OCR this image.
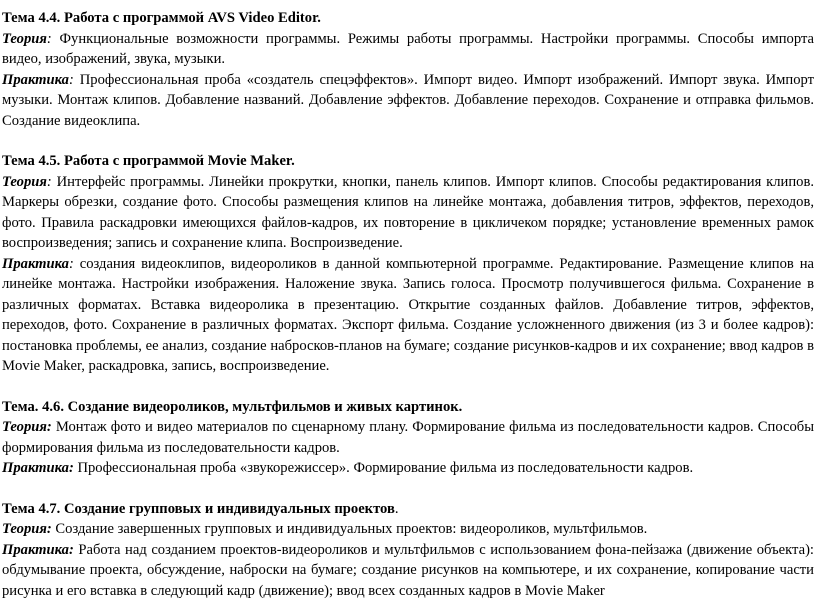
Тема 4.4. Работа с программой AVS Video Editor.

Теория: Функциональные возможности программы. Режимы работы программы. Настройки программы. Способы импорта видео, изображений, звука, музыки.

Практика: Профессиональная проба «создатель спецэффектов». Импорт видео. Импорт изображений. Импорт звука. Импорт музыки. Монтаж клипов. Добавление названий. Добавление эффектов. Добавление переходов. Сохранение и отправка фильмов. Создание видеоклипа.

Тема 4.5. Работа с программой Movie Maker.

Теория: Интерфейс программы. Линейки прокрутки, кнопки, панель клипов. Импорт клипов. Способы редактирования клипов. Маркеры обрезки, создание фото. Способы размещения клипов на линейке монтажа, добавления титров, эффектов, переходов, фото. Правила раскадровки имеющихся файлов-кадров, их повторение в цикличеком порядке; установление временных рамок воспроизведения; запись и сохранение клипа. Воспроизведение.

Практика: создания видеоклипов, видеороликов в данной компьютерной программе. Редактирование. Размещение клипов на линейке монтажа. Настройки изображения. Наложение звука. Запись голоса. Просмотр получившегося фильма. Сохранение в различных форматах. Вставка видеоролика в презентацию. Открытие созданных файлов. Добавление титров, эффектов, переходов, фото. Сохранение в различных форматах. Экспорт фильма. Создание усложненного движения (из 3 и более кадров): постановка проблемы, ее анализ, создание набросков-планов на бумаге; создание рисунков-кадров и их сохранение; ввод кадров в Movie Maker, раскадровка, запись, воспроизведение.

Тема. 4.6. Создание видеороликов, мультфильмов и живых картинок.

Теория: Монтаж фото и видео материалов по сценарному плану. Формирование фильма из последовательности кадров. Способы формирования фильма из последовательности кадров.

Практика: Профессиональная проба «звукорежиссер». Формирование фильма из последовательности кадров.

Тема 4.7. Создание групповых и индивидуальных проектов.

Теория: Создание завершенных групповых и индивидуальных проектов: видеороликов, мультфильмов.

Практика: Работа над созданием проектов-видеороликов и мультфильмов с использованием фона-пейзажа (движение объекта): обдумывание проекта, обсуждение, наброски на бумаге; создание рисунков на компьютере, и их сохранение, копирование части рисунка и его вставка в следующий кадр (движение); ввод всех созданных кадров в Movie Maker
